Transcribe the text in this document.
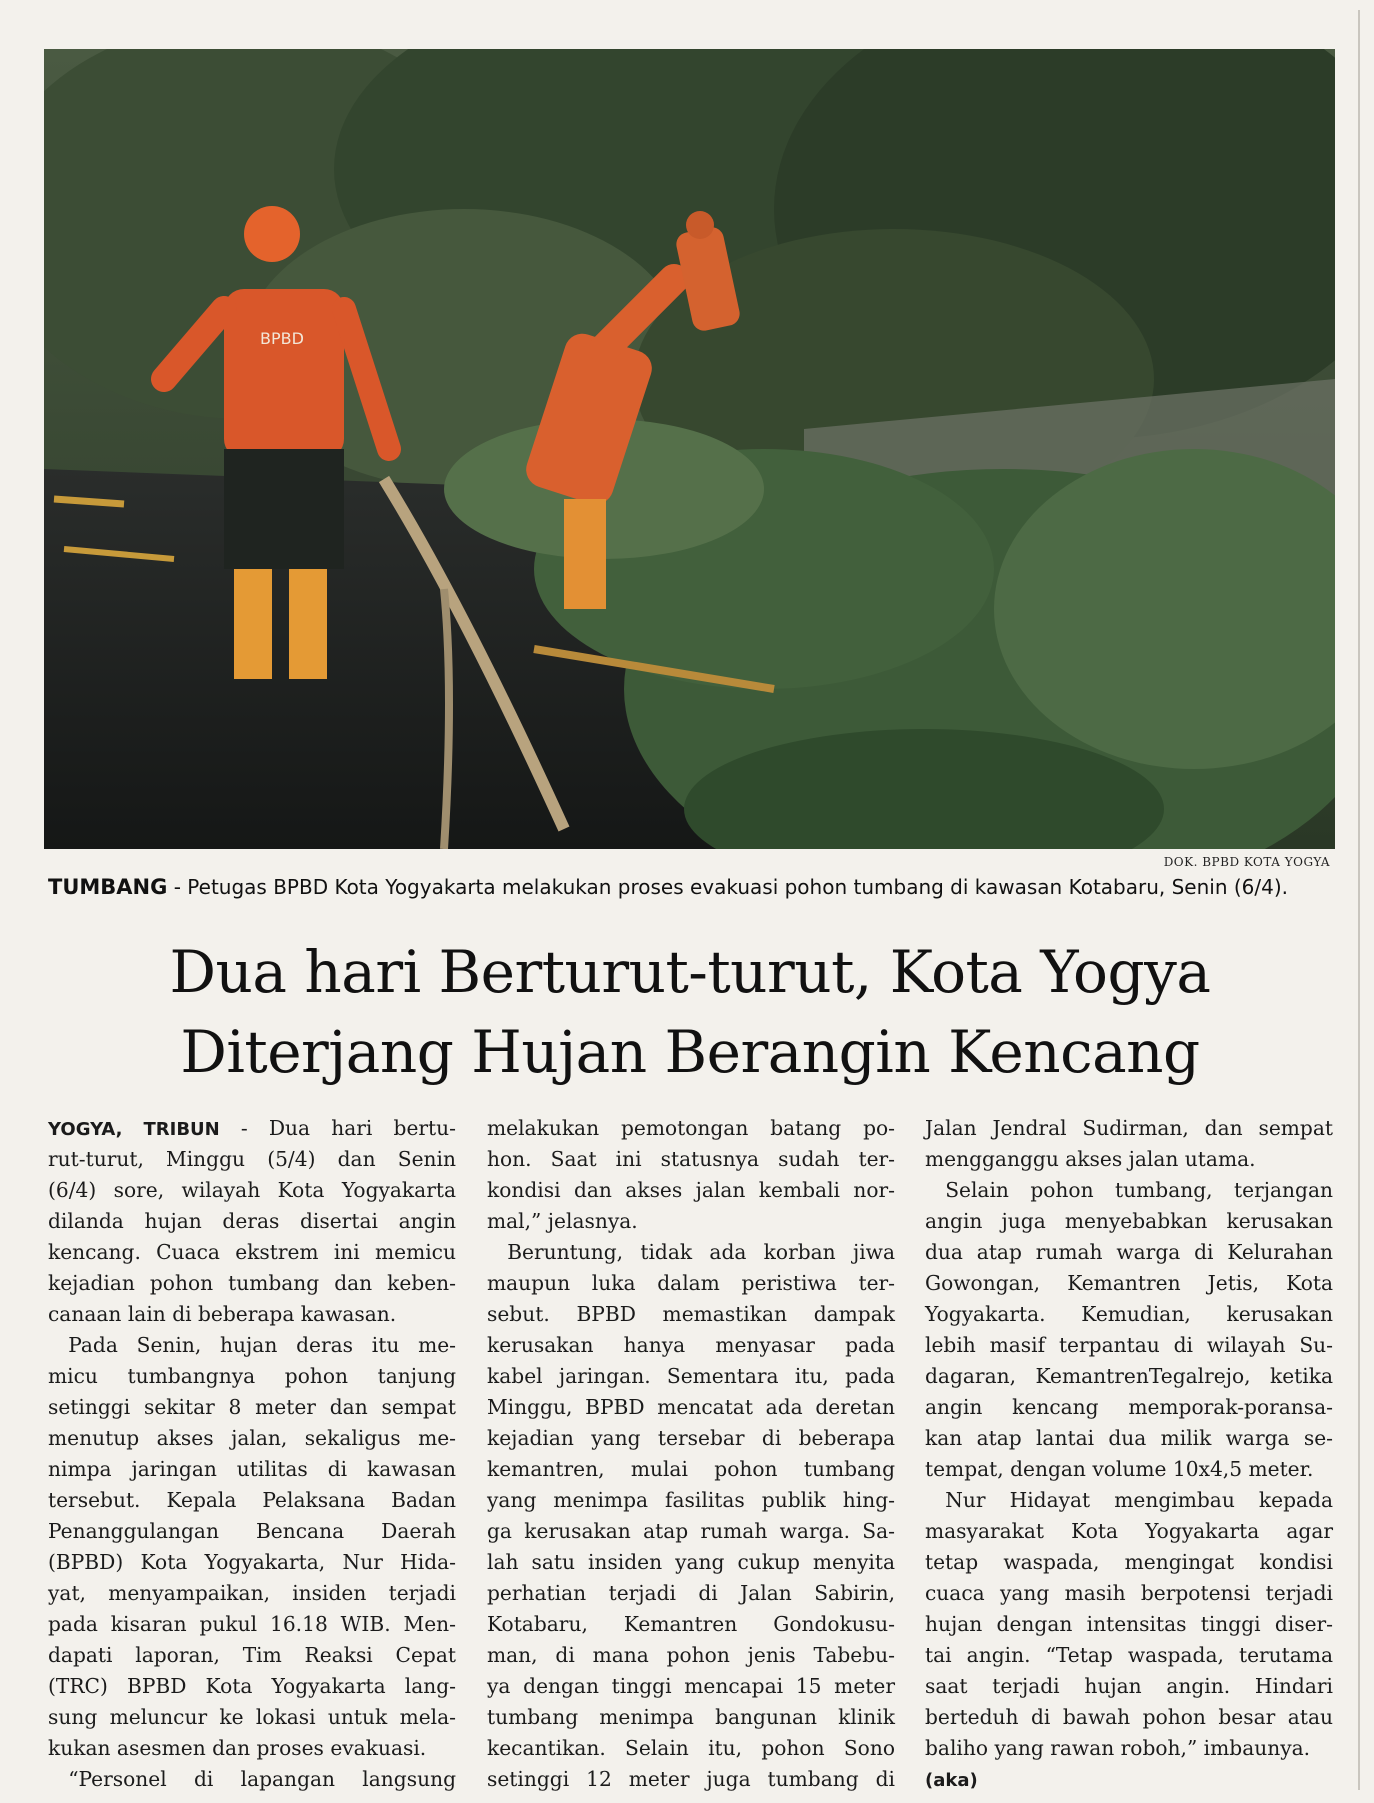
BPBD
DOK. BPBD KOTA YOGYA
TUMBANG - Petugas BPBD Kota Yogyakarta melakukan proses evakuasi pohon tumbang di kawasan Kotabaru, Senin (6/4).
Dua hari Berturut-turut, Kota Yogya
Diterjang Hujan Berangin Kencang
YOGYA, TRIBUN - Dua hari bertu-
rut-turut, Minggu (5/4) dan Senin
(6/4) sore, wilayah Kota Yogyakarta
dilanda hujan deras disertai angin
kencang. Cuaca ekstrem ini memicu
kejadian pohon tumbang dan keben-
canaan lain di beberapa kawasan.
 Pada Senin, hujan deras itu me-
micu tumbangnya pohon tanjung
setinggi sekitar 8 meter dan sempat
menutup akses jalan, sekaligus me-
nimpa jaringan utilitas di kawasan
tersebut. Kepala Pelaksana Badan
Penanggulangan Bencana Daerah
(BPBD) Kota Yogyakarta, Nur Hida-
yat, menyampaikan, insiden terjadi
pada kisaran pukul 16.18 WIB. Men-
dapati laporan, Tim Reaksi Cepat
(TRC) BPBD Kota Yogyakarta lang-
sung meluncur ke lokasi untuk mela-
kukan asesmen dan proses evakuasi.
 “Personel di lapangan langsung
melakukan pemotongan batang po-
hon. Saat ini statusnya sudah ter-
kondisi dan akses jalan kembali nor-
mal,” jelasnya.
 Beruntung, tidak ada korban jiwa
maupun luka dalam peristiwa ter-
sebut. BPBD memastikan dampak
kerusakan hanya menyasar pada
kabel jaringan. Sementara itu, pada
Minggu, BPBD mencatat ada deretan
kejadian yang tersebar di beberapa
kemantren, mulai pohon tumbang
yang menimpa fasilitas publik hing-
ga kerusakan atap rumah warga. Sa-
lah satu insiden yang cukup menyita
perhatian terjadi di Jalan Sabirin,
Kotabaru, Kemantren Gondokusu-
man, di mana pohon jenis Tabebu-
ya dengan tinggi mencapai 15 meter
tumbang menimpa bangunan klinik
kecantikan. Selain itu, pohon Sono
setinggi 12 meter juga tumbang di
Jalan Jendral Sudirman, dan sempat
mengganggu akses jalan utama.
 Selain pohon tumbang, terjangan
angin juga menyebabkan kerusakan
dua atap rumah warga di Kelurahan
Gowongan, Kemantren Jetis, Kota
Yogyakarta. Kemudian, kerusakan
lebih masif terpantau di wilayah Su-
dagaran, KemantrenTegalrejo, ketika
angin kencang memporak-poransa-
kan atap lantai dua milik warga se-
tempat, dengan volume 10x4,5 meter.
 Nur Hidayat mengimbau kepada
masyarakat Kota Yogyakarta agar
tetap waspada, mengingat kondisi
cuaca yang masih berpotensi terjadi
hujan dengan intensitas tinggi diser-
tai angin. “Tetap waspada, terutama
saat terjadi hujan angin. Hindari
berteduh di bawah pohon besar atau
baliho yang rawan roboh,” imbaunya.
(aka)
